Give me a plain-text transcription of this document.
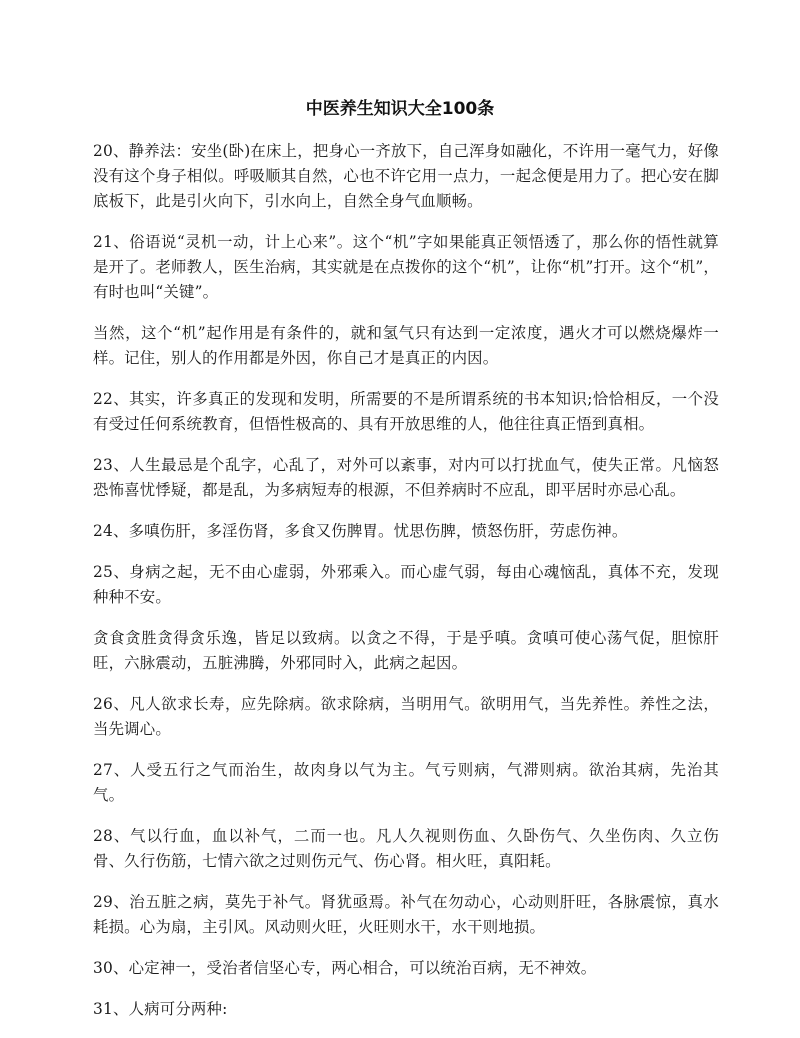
中医养生知识大全100条

20、静养法：安坐(卧)在床上，把身心一齐放下，自己浑身如融化，不许用一毫气力，好像没有这个身子相似。呼吸顺其自然，心也不许它用一点力，一起念便是用力了。把心安在脚底板下，此是引火向下，引水向上，自然全身气血顺畅。

21、俗语说“灵机一动，计上心来”。这个“机”字如果能真正领悟透了，那么你的悟性就算是开了。老师教人，医生治病，其实就是在点拨你的这个“机”，让你“机”打开。这个“机”，有时也叫“关键”。

当然，这个“机”起作用是有条件的，就和氢气只有达到一定浓度，遇火才可以燃烧爆炸一样。记住，别人的作用都是外因，你自己才是真正的内因。

22、其实，许多真正的发现和发明，所需要的不是所谓系统的书本知识;恰恰相反，一个没有受过任何系统教育，但悟性极高的、具有开放思维的人，他往往真正悟到真相。

23、人生最忌是个乱字，心乱了，对外可以紊事，对内可以打扰血气，使失正常。凡恼怒恐怖喜忧悸疑，都是乱，为多病短寿的根源，不但养病时不应乱，即平居时亦忌心乱。

24、多嗔伤肝，多淫伤肾，多食又伤脾胃。忧思伤脾，愤怒伤肝，劳虑伤神。

25、身病之起，无不由心虚弱，外邪乘入。而心虚气弱，每由心魂恼乱，真体不充，发现种种不安。

贪食贪胜贪得贪乐逸，皆足以致病。以贪之不得，于是乎嗔。贪嗔可使心荡气促，胆惊肝旺，六脉震动，五脏沸腾，外邪同时入，此病之起因。

26、凡人欲求长寿，应先除病。欲求除病，当明用气。欲明用气，当先养性。养性之法，当先调心。

27、人受五行之气而治生，故肉身以气为主。气亏则病，气滞则病。欲治其病，先治其气。

28、气以行血，血以补气，二而一也。凡人久视则伤血、久卧伤气、久坐伤肉、久立伤骨、久行伤筋，七情六欲之过则伤元气、伤心肾。相火旺，真阳耗。

29、治五脏之病，莫先于补气。肾犹亟焉。补气在勿动心，心动则肝旺，各脉震惊，真水耗损。心为扇，主引风。风动则火旺，火旺则水干，水干则地损。

30、心定神一，受治者信坚心专，两心相合，可以统治百病，无不神效。

31、人病可分两种:
